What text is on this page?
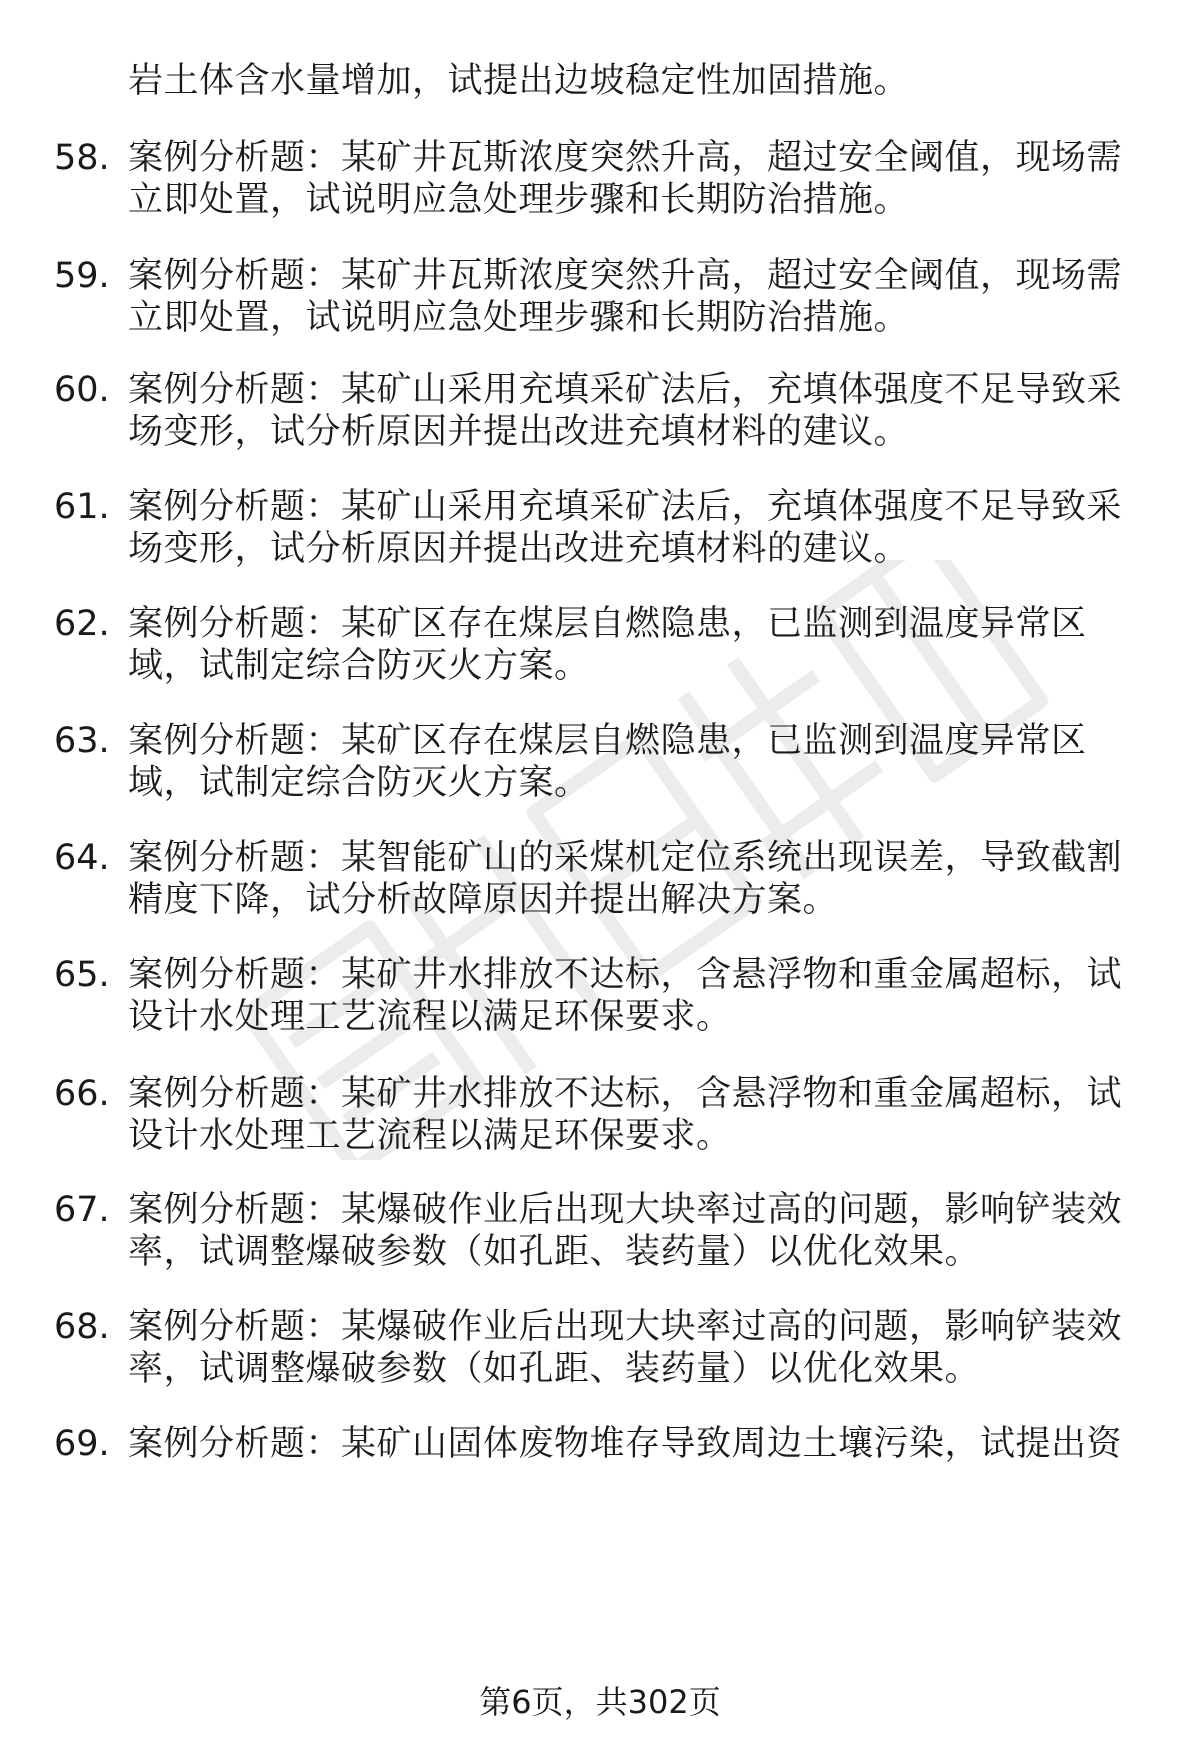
岩土体含水量增加，试提出边坡稳定性加固措施。
58. 案例分析题：某矿井瓦斯浓度突然升高，超过安全阈值，现场需
立即处置，试说明应急处理步骤和长期防治措施。
59. 案例分析题：某矿井瓦斯浓度突然升高，超过安全阈值，现场需
立即处置，试说明应急处理步骤和长期防治措施。
60. 案例分析题：某矿山采用充填采矿法后，充填体强度不足导致采
场变形，试分析原因并提出改进充填材料的建议。
61. 案例分析题：某矿山采用充填采矿法后，充填体强度不足导致采
场变形，试分析原因并提出改进充填材料的建议。
62. 案例分析题：某矿区存在煤层自燃隐患，已监测到温度异常区
域，试制定综合防灭火方案。
63. 案例分析题：某矿区存在煤层自燃隐患，已监测到温度异常区
域，试制定综合防灭火方案。
64. 案例分析题：某智能矿山的采煤机定位系统出现误差，导致截割
精度下降，试分析故障原因并提出解决方案。
65. 案例分析题：某矿井水排放不达标，含悬浮物和重金属超标，试
设计水处理工艺流程以满足环保要求。
66. 案例分析题：某矿井水排放不达标，含悬浮物和重金属超标，试
设计水处理工艺流程以满足环保要求。
67. 案例分析题：某爆破作业后出现大块率过高的问题，影响铲装效
率，试调整爆破参数（如孔距、装药量）以优化效果。
68. 案例分析题：某爆破作业后出现大块率过高的问题，影响铲装效
率，试调整爆破参数（如孔距、装药量）以优化效果。
69. 案例分析题：某矿山固体废物堆存导致周边土壤污染，试提出资
第6页，共302页
